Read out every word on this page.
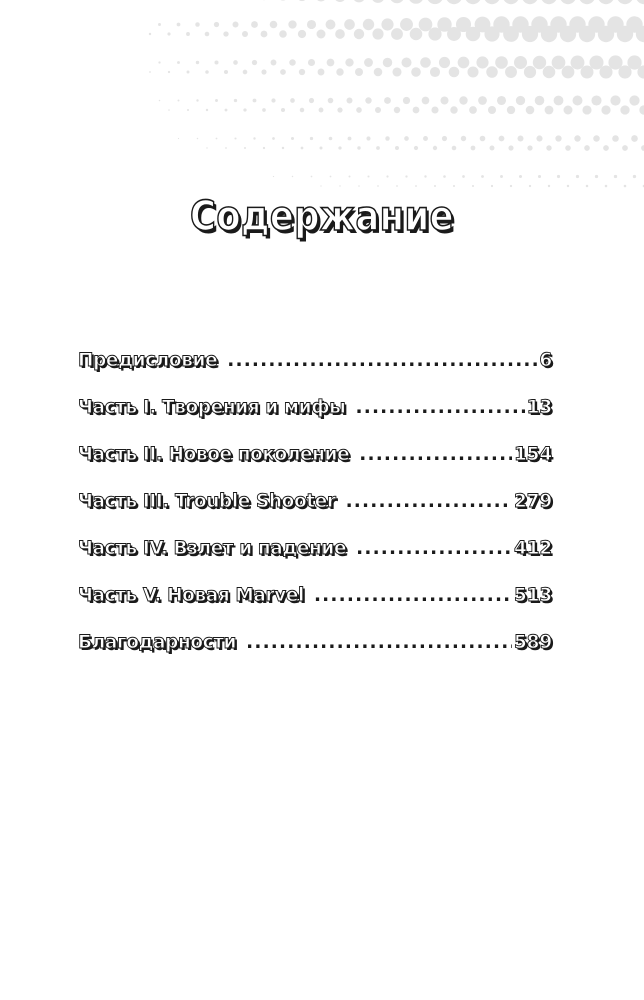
Содержание
Предисловие .....	6
Часть I. Творения и мифы .....	13
Часть II. Новое поколение .....	154
Часть III. Trouble Shooter .....	279
Часть IV. Взлет и падение .....	412
Часть V. Новая Marvel .....	513
Благодарности .....	589
